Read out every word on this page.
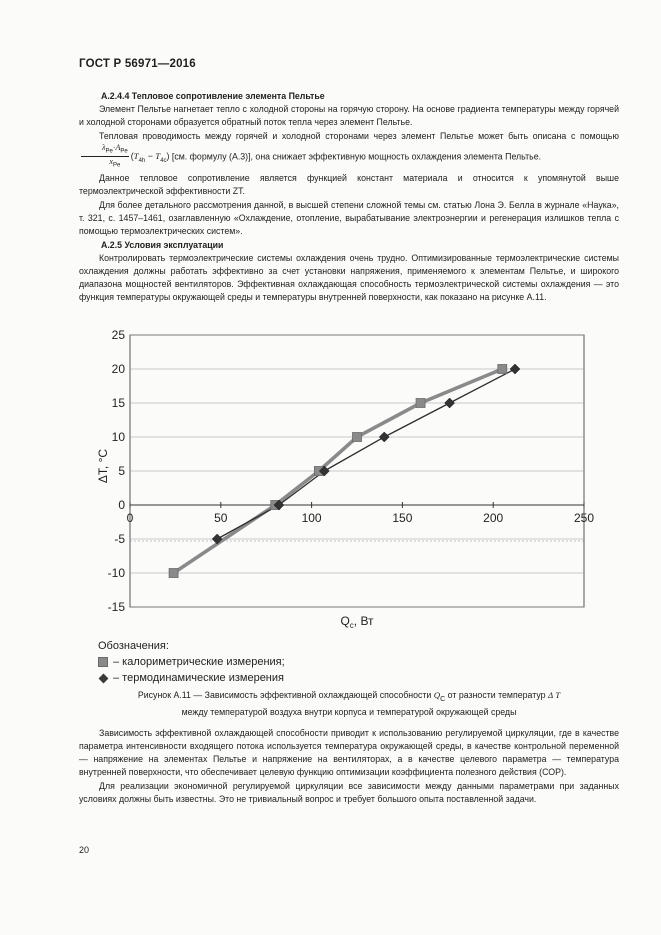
ГОСТ Р 56971—2016
А.2.4.4 Тепловое сопротивление элемента Пельтье

Элемент Пельтье нагнетает тепло с холодной стороны на горячую сторону. На основе градиента температуры между горячей и холодной сторонами образуется обратный поток тепла через элемент Пельтье.

Тепловая проводимость между горячей и холодной сторонами через элемент Пельтье может быть описана с помощью
$\frac{\lambda_{Pe}\cdot A_{Pe}}{x_{Pe}} (T_{4h} - T_{4c})$ [см. формулу (А.3)], она снижает эффективную мощность охлаждения элемента Пельтье.

Данное тепловое сопротивление является функцией констант материала и относится к упомянутой выше термоэлектрической эффективности ZT.

Для более детального рассмотрения данной, в высшей степени сложной темы см. статью Лона Э. Белла в журнале «Наука», т. 321, с. 1457–1461, озаглавленную «Охлаждение, отопление, вырабатывание электроэнергии и регенерация излишков тепла с помощью термоэлектрических систем».

А.2.5 Условия эксплуатации

Контролировать термоэлектрические системы охлаждения очень трудно. Оптимизированные термоэлектрические системы охлаждения должны работать эффективно за счет установки напряжения, применяемого к элементам Пельтье, и широкого диапазона мощностей вентиляторов. Эффективная охлаждающая способность термоэлектрической системы охлаждения — это функция температуры окружающей среды и температуры внутренней поверхности, как показано на рисунке А.11.

-15
-10
-5
0
5
10
15
20
25
0	50	100	150	200	250
$Q_c$, Вт
ΔT, °C
Обозначения:
– калориметрические измерения;
– термодинамические измерения
Рисунок А.11 — Зависимость эффективной охлаждающей способности $Q_С$ от разности температур Δ T
между температурой воздуха внутри корпуса и температурой окружающей среды

Зависимость эффективной охлаждающей способности приводит к использованию регулируемой циркуляции, где в качестве параметра интенсивности входящего потока используется температура окружающей среды, в качестве контрольной переменной — напряжение на элементах Пельтье и напряжение на вентиляторах, а в качестве целевого параметра — температура внутренней поверхности, что обеспечивает целевую функцию оптимизации коэффициента полезного действия (СОР).

Для реализации экономичной регулируемой циркуляции все зависимости между данными параметрами при заданных условиях должны быть известны. Это не тривиальный вопрос и требует большого опыта поставленной задачи.

20
